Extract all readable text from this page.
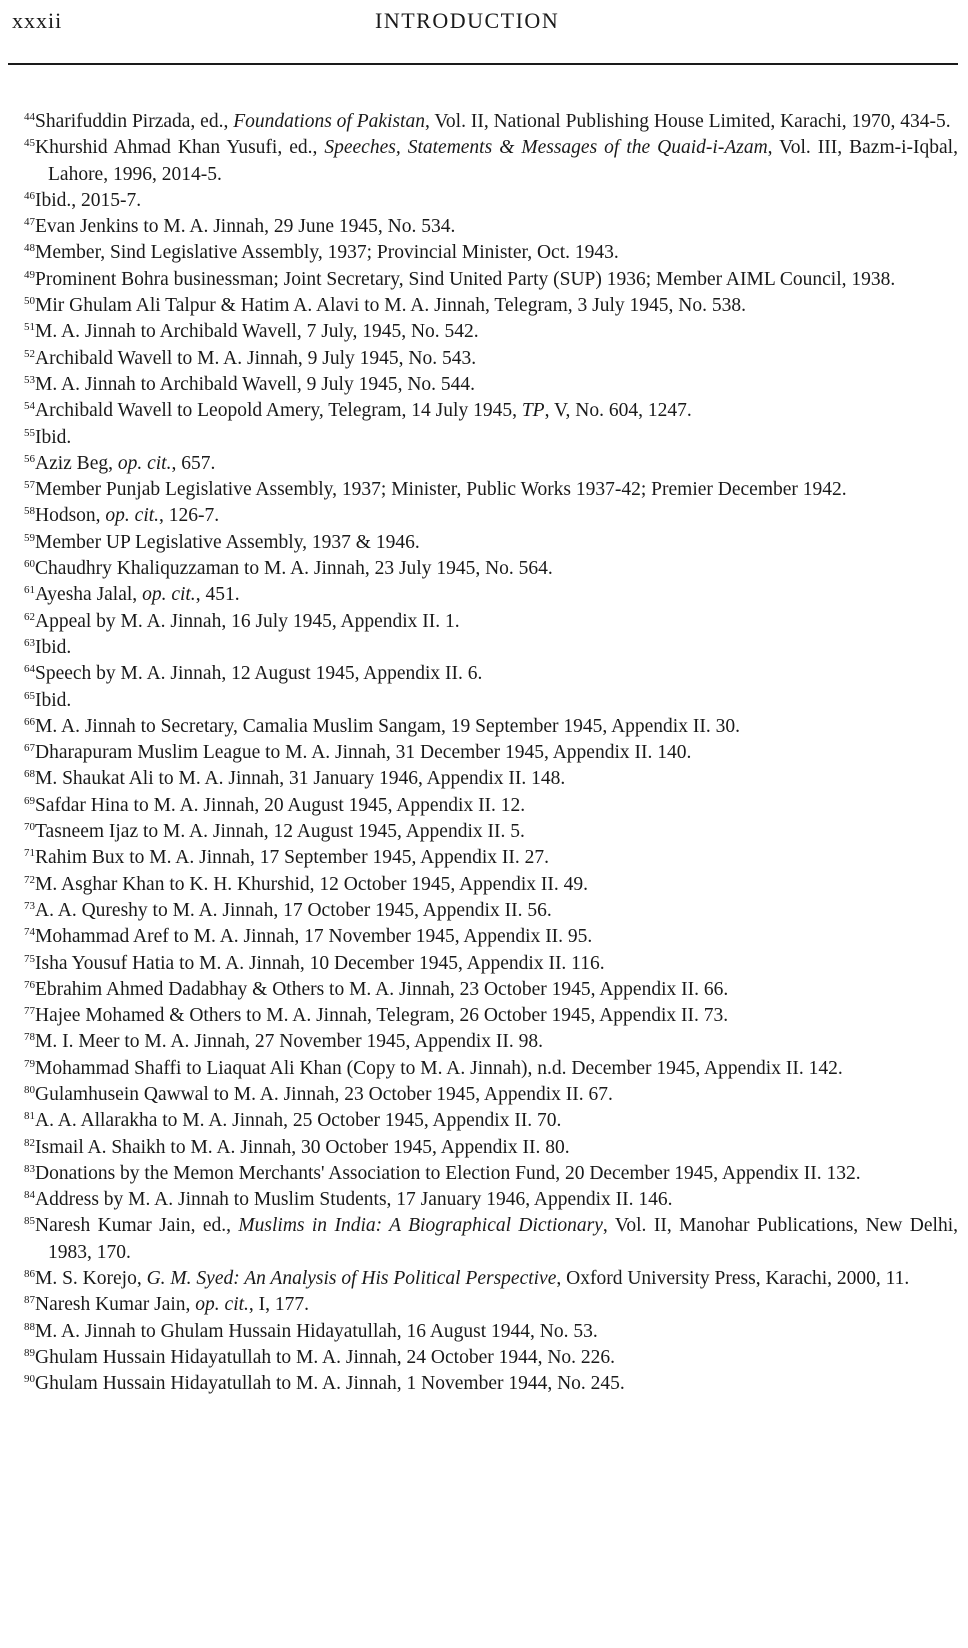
xxxii	INTRODUCTION
$^{44}$Sharifuddin Pirzada, ed., Foundations of Pakistan, Vol. II, National Publishing House Limited, Karachi, 1970, 434-5.
$^{45}$Khurshid Ahmad Khan Yusufi, ed., Speeches, Statements & Messages of the Quaid-i-Azam, Vol. III, Bazm-i-Iqbal, Lahore, 1996, 2014-5.
$^{46}$Ibid., 2015-7.
$^{47}$Evan Jenkins to M. A. Jinnah, 29 June 1945, No. 534.
$^{48}$Member, Sind Legislative Assembly, 1937; Provincial Minister, Oct. 1943.
$^{49}$Prominent Bohra businessman; Joint Secretary, Sind United Party (SUP) 1936; Member AIML Council, 1938.
$^{50}$Mir Ghulam Ali Talpur & Hatim A. Alavi to M. A. Jinnah, Telegram, 3 July 1945, No. 538.
$^{51}$M. A. Jinnah to Archibald Wavell, 7 July, 1945, No. 542.
$^{52}$Archibald Wavell to M. A. Jinnah, 9 July 1945, No. 543.
$^{53}$M. A. Jinnah to Archibald Wavell, 9 July 1945, No. 544.
$^{54}$Archibald Wavell to Leopold Amery, Telegram, 14 July 1945, TP, V, No. 604, 1247.
$^{55}$Ibid.
$^{56}$Aziz Beg, op. cit., 657.
$^{57}$Member Punjab Legislative Assembly, 1937; Minister, Public Works 1937-42; Premier December 1942.
$^{58}$Hodson, op. cit., 126-7.
$^{59}$Member UP Legislative Assembly, 1937 & 1946.
$^{60}$Chaudhry Khaliquzzaman to M. A. Jinnah, 23 July 1945, No. 564.
$^{61}$Ayesha Jalal, op. cit., 451.
$^{62}$Appeal by M. A. Jinnah, 16 July 1945, Appendix II. 1.
$^{63}$Ibid.
$^{64}$Speech by M. A. Jinnah, 12 August 1945, Appendix II. 6.
$^{65}$Ibid.
$^{66}$M. A. Jinnah to Secretary, Camalia Muslim Sangam, 19 September 1945, Appendix II. 30.
$^{67}$Dharapuram Muslim League to M. A. Jinnah, 31 December 1945, Appendix II. 140.
$^{68}$M. Shaukat Ali to M. A. Jinnah, 31 January 1946, Appendix II. 148.
$^{69}$Safdar Hina to M. A. Jinnah, 20 August 1945, Appendix II. 12.
$^{70}$Tasneem Ijaz to M. A. Jinnah, 12 August 1945, Appendix II. 5.
$^{71}$Rahim Bux to M. A. Jinnah, 17 September 1945, Appendix II. 27.
$^{72}$M. Asghar Khan to K. H. Khurshid, 12 October 1945, Appendix II. 49.
$^{73}$A. A. Qureshy to M. A. Jinnah, 17 October 1945, Appendix II. 56.
$^{74}$Mohammad Aref to M. A. Jinnah, 17 November 1945, Appendix II. 95.
$^{75}$Isha Yousuf Hatia to M. A. Jinnah, 10 December 1945, Appendix II. 116.
$^{76}$Ebrahim Ahmed Dadabhay & Others to M. A. Jinnah, 23 October 1945, Appendix II. 66.
$^{77}$Hajee Mohamed & Others to M. A. Jinnah, Telegram, 26 October 1945, Appendix II. 73.
$^{78}$M. I. Meer to M. A. Jinnah, 27 November 1945, Appendix II. 98.
$^{79}$Mohammad Shaffi to Liaquat Ali Khan (Copy to M. A. Jinnah), n.d. December 1945, Appendix II. 142.
$^{80}$Gulamhusein Qawwal to M. A. Jinnah, 23 October 1945, Appendix II. 67.
$^{81}$A. A. Allarakha to M. A. Jinnah, 25 October 1945, Appendix II. 70.
$^{82}$Ismail A. Shaikh to M. A. Jinnah, 30 October 1945, Appendix II. 80.
$^{83}$Donations by the Memon Merchants' Association to Election Fund, 20 December 1945, Appendix II. 132.
$^{84}$Address by M. A. Jinnah to Muslim Students, 17 January 1946, Appendix II. 146.
$^{85}$Naresh Kumar Jain, ed., Muslims in India: A Biographical Dictionary, Vol. II, Manohar Publications, New Delhi, 1983, 170.
$^{86}$M. S. Korejo, G. M. Syed: An Analysis of His Political Perspective, Oxford University Press, Karachi, 2000, 11.
$^{87}$Naresh Kumar Jain, op. cit., I, 177.
$^{88}$M. A. Jinnah to Ghulam Hussain Hidayatullah, 16 August 1944, No. 53.
$^{89}$Ghulam Hussain Hidayatullah to M. A. Jinnah, 24 October 1944, No. 226.
$^{90}$Ghulam Hussain Hidayatullah to M. A. Jinnah, 1 November 1944, No. 245.
